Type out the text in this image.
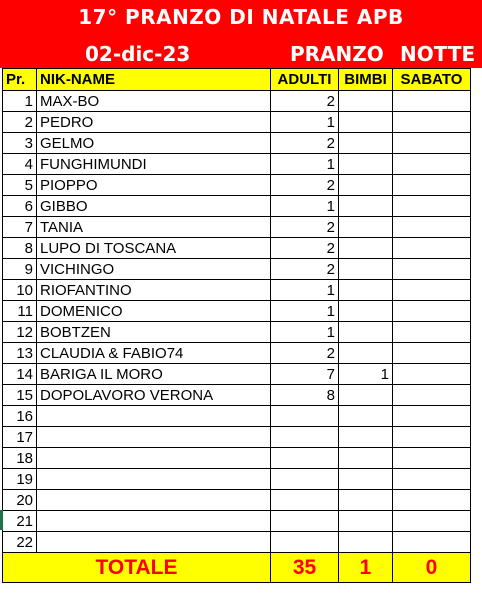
17° PRANZO DI NATALE APB
02-dic-23	PRANZO NOTTE
Pr.	NIK-NAME	ADULTI	BIMBI	SABATO
1	MAX-BO	2		
2	PEDRO	1		
3	GELMO	2		
4	FUNGHIMUNDI	1		
5	PIOPPO	2		
6	GIBBO	1		
7	TANIA	2		
8	LUPO DI TOSCANA	2		
9	VICHINGO	2		
10	RIOFANTINO	1		
11	DOMENICO	1		
12	BOBTZEN	1		
13	CLAUDIA & FABIO74	2		
14	BARIGA IL MORO	7	1	
15	DOPOLAVORO VERONA	8		
16				
17				
18				
19				
20				
21				
22				
TOTALE		35	1	0
